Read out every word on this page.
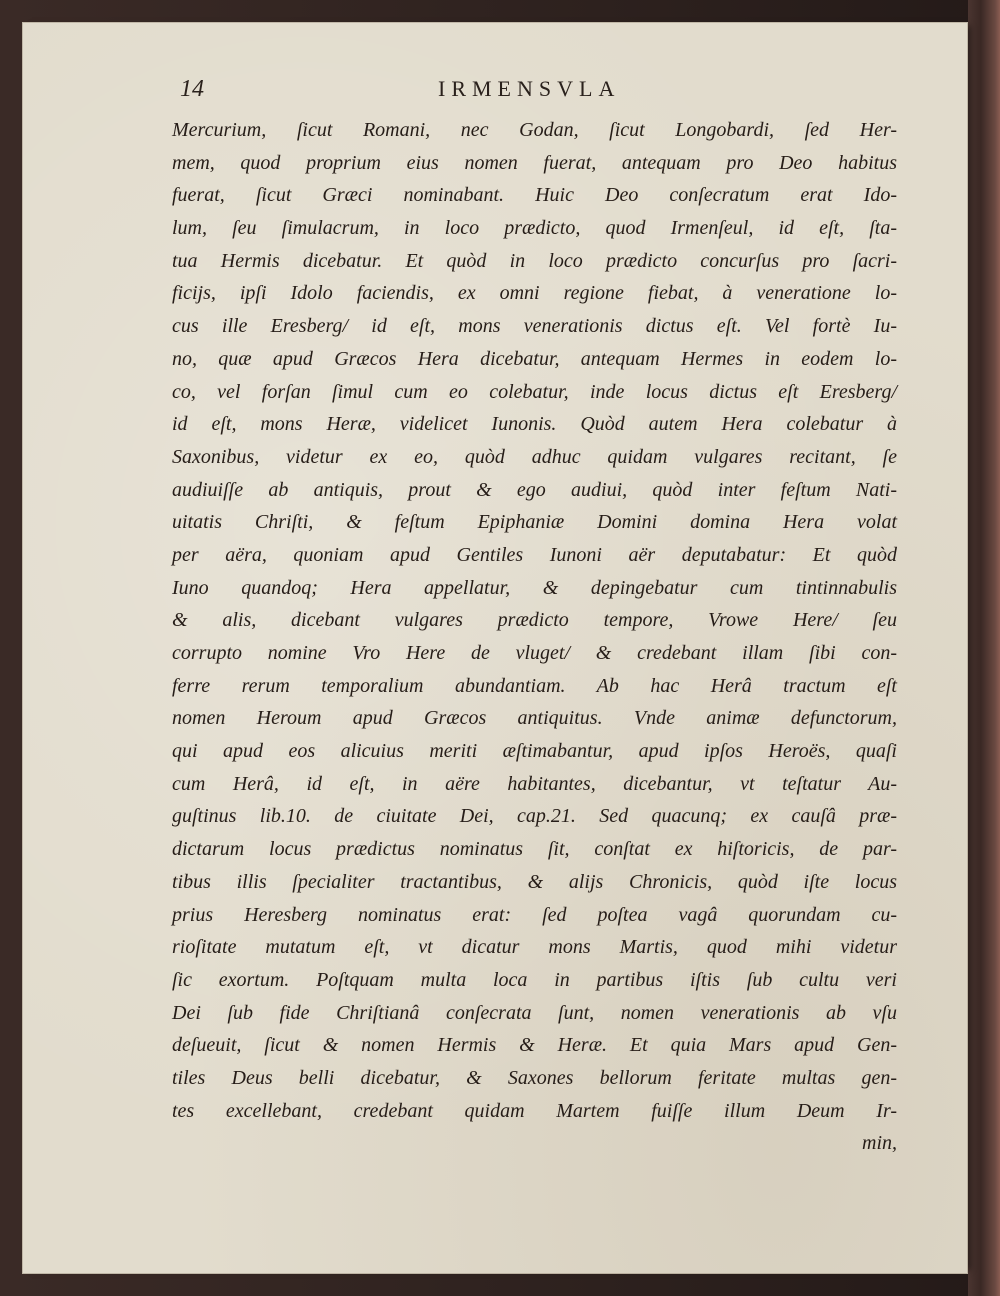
14	IRMENSVLA
Mercurium, ſicut Romani, nec Godan, ſicut Longobardi, ſed Her-
mem, quod proprium eius nomen fuerat, antequam pro Deo habitus
fuerat, ſicut Græci nominabant. Huic Deo conſecratum erat Ido-
lum, ſeu ſimulacrum, in loco prædicto, quod Irmenſeul, id eſt, ſta-
tua Hermis dicebatur. Et quòd in loco prædicto concurſus pro ſacri-
ficijs, ipſi Idolo faciendis, ex omni regione fiebat, à veneratione lo-
cus ille Eresberg/ id eſt, mons venerationis dictus eſt. Vel fortè Iu-
no, quæ apud Græcos Hera dicebatur, antequam Hermes in eodem lo-
co, vel forſan ſimul cum eo colebatur, inde locus dictus eſt Eresberg/
id eſt, mons Heræ, videlicet Iunonis. Quòd autem Hera colebatur à
Saxonibus, videtur ex eo, quòd adhuc quidam vulgares recitant, ſe
audiuiſſe ab antiquis, prout & ego audiui, quòd inter feſtum Nati-
uitatis Chriſti, & feſtum Epiphaniæ Domini domina Hera volat
per aëra, quoniam apud Gentiles Iunoni aër deputabatur: Et quòd
Iuno quandoq; Hera appellatur, & depingebatur cum tintinnabulis
& alis, dicebant vulgares prædicto tempore, Vrowe Here/ ſeu
corrupto nomine Vro Here de vluget/ & credebant illam ſibi con-
ferre rerum temporalium abundantiam. Ab hac Herâ tractum eſt
nomen Heroum apud Græcos antiquitus. Vnde animæ defunctorum,
qui apud eos alicuius meriti æſtimabantur, apud ipſos Heroës, quaſi
cum Herâ, id eſt, in aëre habitantes, dicebantur, vt teſtatur Au-
guſtinus lib.10. de ciuitate Dei, cap.21. Sed quacunq; ex cauſâ præ-
dictarum locus prædictus nominatus ſit, conſtat ex hiſtoricis, de par-
tibus illis ſpecialiter tractantibus, & alijs Chronicis, quòd iſte locus
prius Heresberg nominatus erat: ſed poſtea vagâ quorundam cu-
rioſitate mutatum eſt, vt dicatur mons Martis, quod mihi videtur
ſic exortum. Poſtquam multa loca in partibus iſtis ſub cultu veri
Dei ſub fide Chriſtianâ conſecrata ſunt, nomen venerationis ab vſu
deſueuit, ſicut & nomen Hermis & Heræ. Et quia Mars apud Gen-
tiles Deus belli dicebatur, & Saxones bellorum feritate multas gen-
tes excellebant, credebant quidam Martem fuiſſe illum Deum Ir-
min,
